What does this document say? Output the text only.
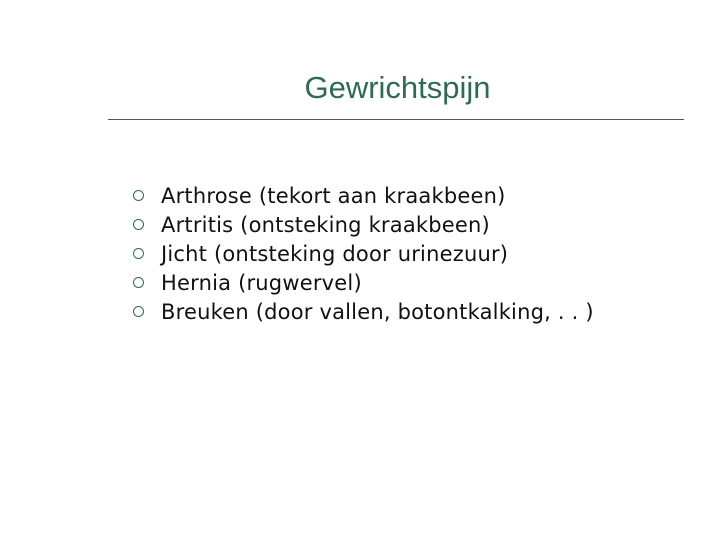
Gewrichtspijn
Arthrose (tekort aan kraakbeen)
Artritis (ontsteking kraakbeen)
Jicht (ontsteking door urinezuur)
Hernia (rugwervel)
Breuken (door vallen, botontkalking, . . )
